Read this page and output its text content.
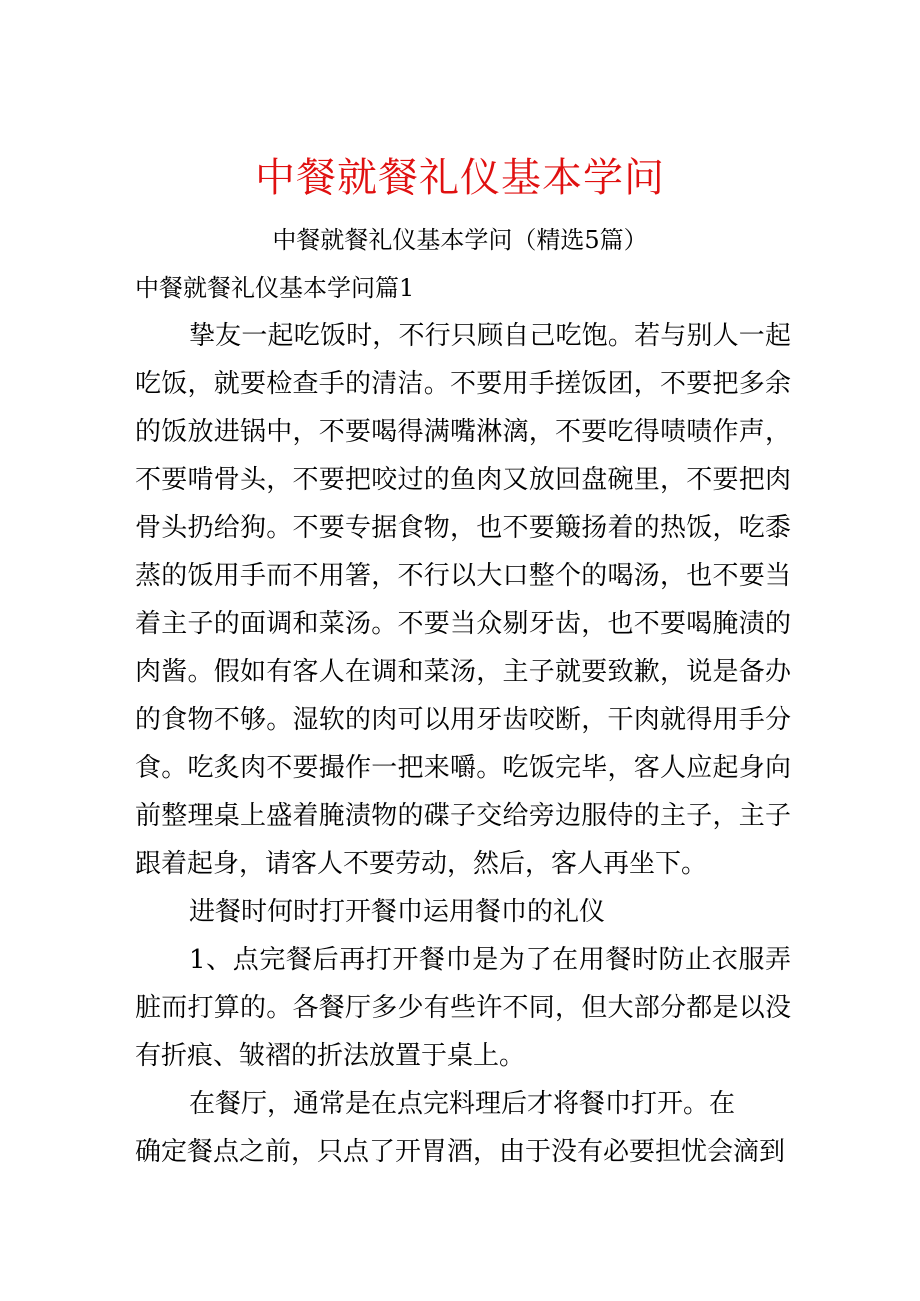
中餐就餐礼仪基本学问
中餐就餐礼仪基本学问（精选5篇）

中餐就餐礼仪基本学问篇1

挚友一起吃饭时，不行只顾自己吃饱。若与别人一起吃饭，就要检查手的清洁。不要用手搓饭团，不要把多余的饭放进锅中，不要喝得满嘴淋漓，不要吃得啧啧作声，不要啃骨头，不要把咬过的鱼肉又放回盘碗里，不要把肉骨头扔给狗。不要专据食物，也不要簸扬着的热饭，吃黍蒸的饭用手而不用箸，不行以大口整个的喝汤，也不要当着主子的面调和菜汤。不要当众剔牙齿，也不要喝腌渍的肉酱。假如有客人在调和菜汤，主子就要致歉，说是备办的食物不够。湿软的肉可以用牙齿咬断，干肉就得用手分食。吃炙肉不要撮作一把来嚼。吃饭完毕，客人应起身向前整理桌上盛着腌渍物的碟子交给旁边服侍的主子，主子跟着起身，请客人不要劳动，然后，客人再坐下。

进餐时何时打开餐巾运用餐巾的礼仪

1、点完餐后再打开餐巾是为了在用餐时防止衣服弄脏而打算的。各餐厅多少有些许不同，但大部分都是以没有折痕、皱褶的折法放置于桌上。

在餐厅，通常是在点完料理后才将餐巾打开。在

确定餐点之前，只点了开胃酒，由于没有必要担忧会滴到
